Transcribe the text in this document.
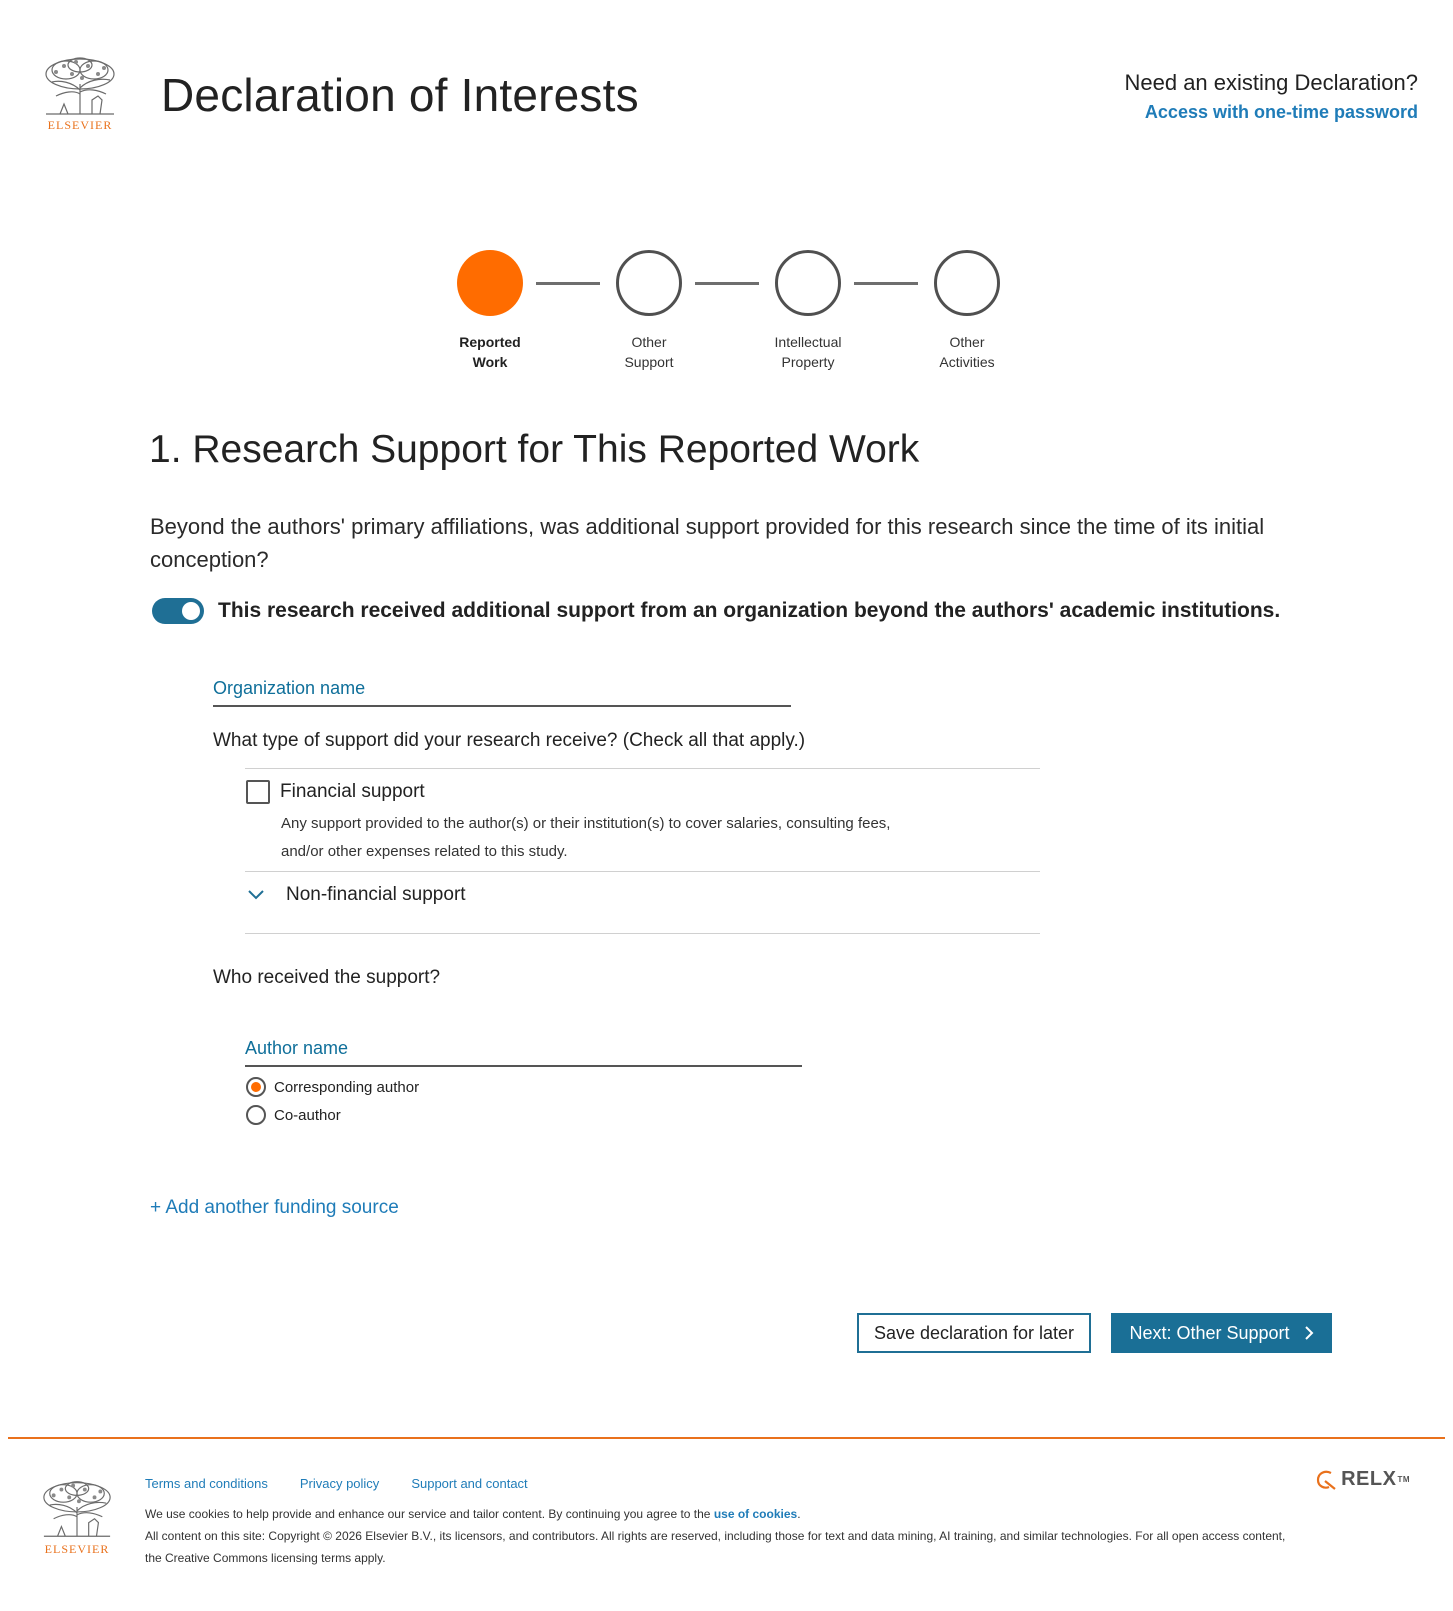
ELSEVIER
Declaration of Interests	Need an existing Declaration?
Access with one-time password
Reported
Work
Other
Support
Intellectual
Property
Other
Activities
1. Research Support for This Reported Work

Beyond the authors' primary affiliations, was additional support provided for this research since the time of its initial conception?

This research received additional support from an organization beyond the authors' academic institutions.
Organization name
What type of support did your research receive? (Check all that apply.)
Financial support
Any support provided to the author(s) or their institution(s) to cover salaries, consulting fees,
and/or other expenses related to this study.
Non-financial support
Who received the support?
Author name
Corresponding author
Co-author
+ Add another funding source
Save declaration for later	Next: Other Support
ELSEVIER
Terms and conditions Privacy policy Support and contact
We use cookies to help provide and enhance our service and tailor content. By continuing you agree to the use of cookies.
All content on this site: Copyright © 2026 Elsevier B.V., its licensors, and contributors. All rights are reserved, including those for text and data mining, AI training, and similar technologies. For all open access content, the Creative Commons licensing terms apply.
RELX TM
